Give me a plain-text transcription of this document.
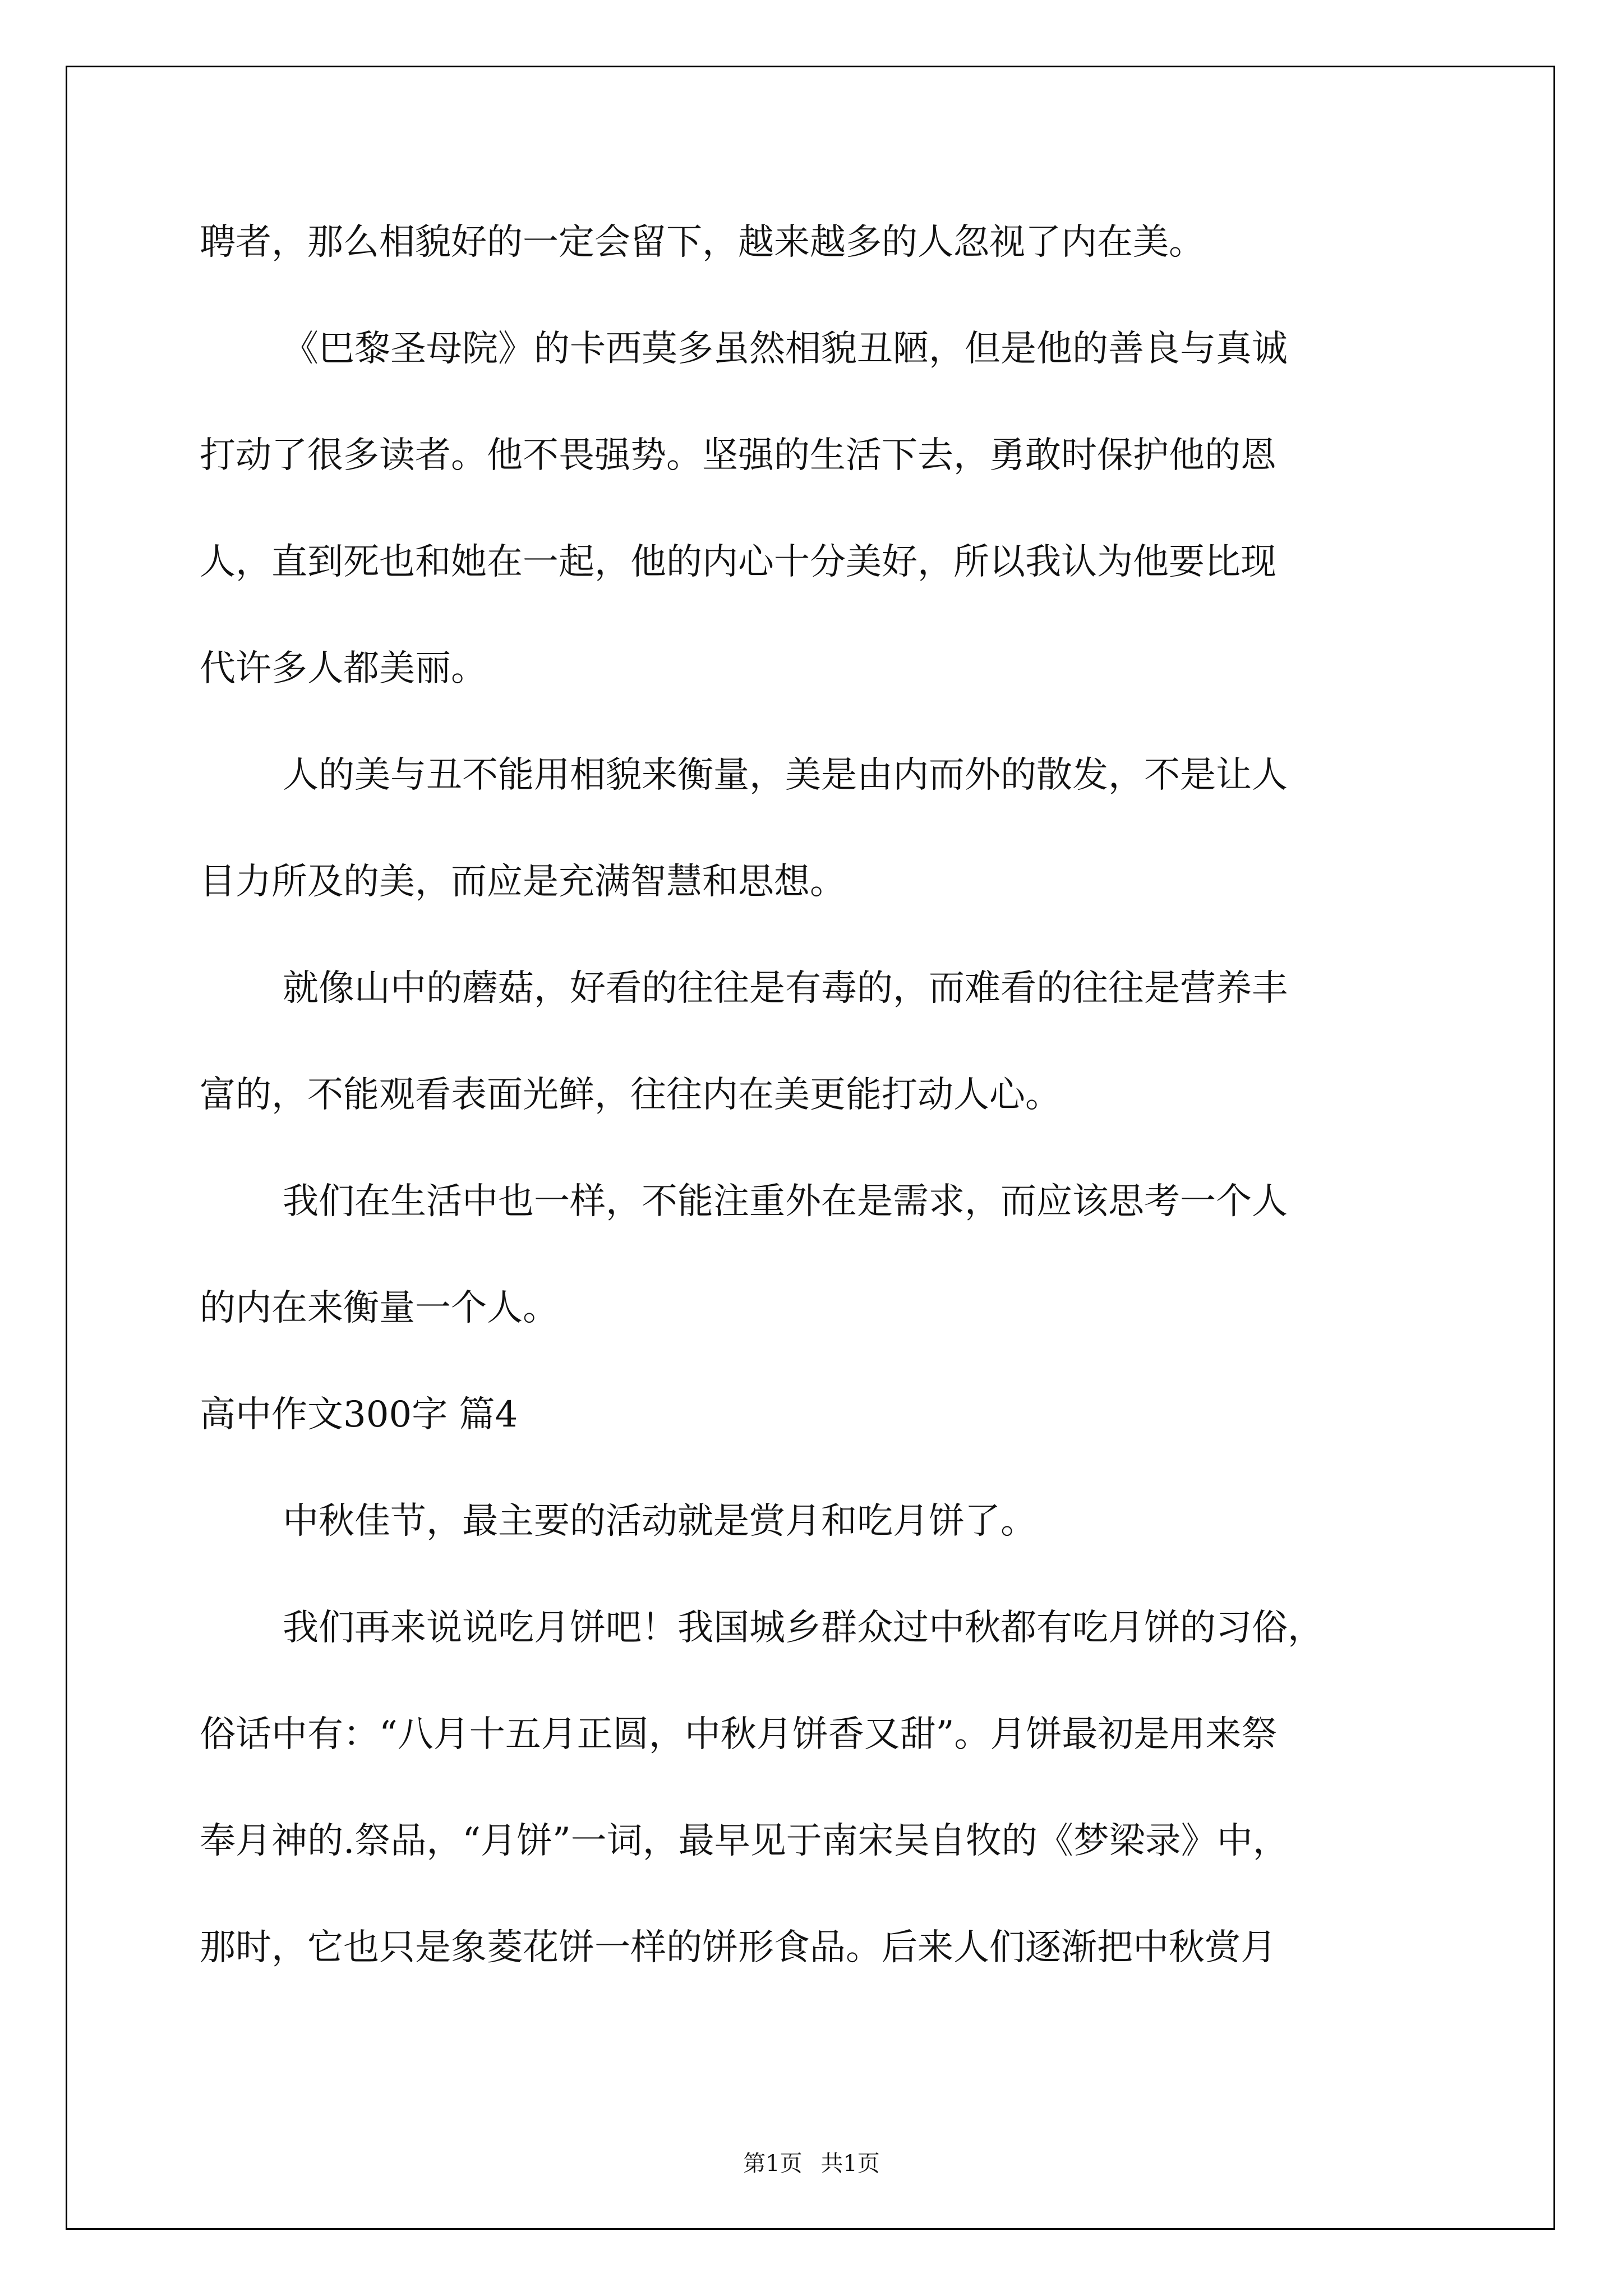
聘者，那么相貌好的一定会留下，越来越多的人忽视了内在美。
《巴黎圣母院》的卡西莫多虽然相貌丑陋，但是他的善良与真诚
打动了很多读者。他不畏强势。坚强的生活下去，勇敢时保护他的恩
人，直到死也和她在一起，他的内心十分美好，所以我认为他要比现
代许多人都美丽。
人的美与丑不能用相貌来衡量，美是由内而外的散发，不是让人
目力所及的美，而应是充满智慧和思想。
就像山中的蘑菇，好看的往往是有毒的，而难看的往往是营养丰
富的，不能观看表面光鲜，往往内在美更能打动人心。
我们在生活中也一样，不能注重外在是需求，而应该思考一个人
的内在来衡量一个人。
高中作文300字 篇4
中秋佳节，最主要的活动就是赏月和吃月饼了。
我们再来说说吃月饼吧！我国城乡群众过中秋都有吃月饼的习俗，
俗话中有：“八月十五月正圆，中秋月饼香又甜”。月饼最初是用来祭
奉月神的.祭品，“月饼”一词，最早见于南宋吴自牧的《梦梁录》中，
那时，它也只是象菱花饼一样的饼形食品。后来人们逐渐把中秋赏月
第1页 共1页
